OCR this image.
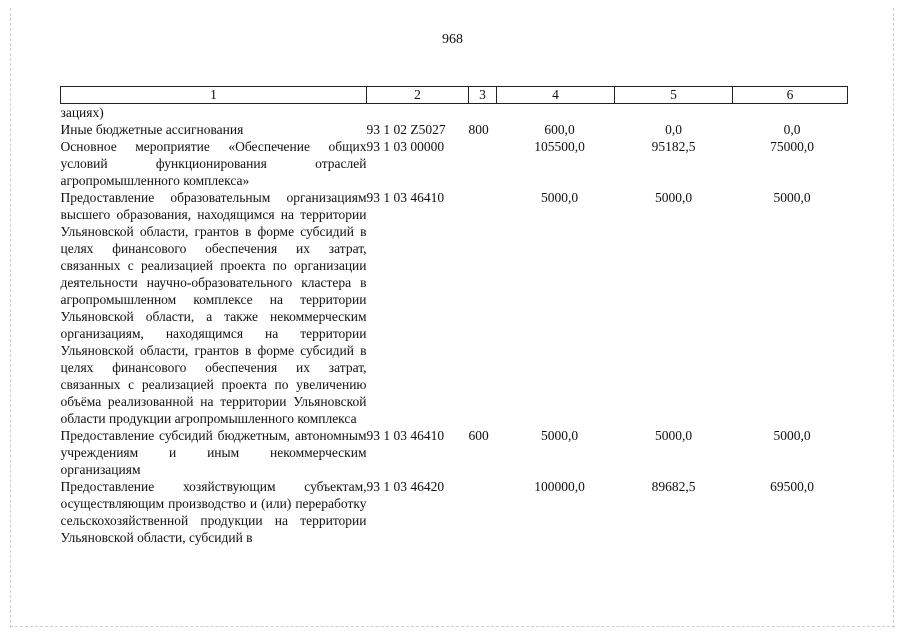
968
1	2	3	4	5	6
зациях)					
Иные бюджетные ассигнования	93 1 02 Z5027	800	600,0	0,0	0,0
Основное мероприятие «Обеспечение общих условий функционирования отраслей агропромышленного комплекса»	93 1 03 00000		105500,0	95182,5	75000,0
Предоставление образовательным организациям высшего образования, находящимся на территории Ульяновской области, грантов в форме субсидий в целях финансового обеспечения их затрат, связанных с реализацией проекта по организации деятельности научно-образовательного кластера в агропромышленном комплексе на территории Ульяновской области, а также некоммерческим организациям, находящимся на территории Ульяновской области, грантов в форме субсидий в целях финансового обеспечения их затрат, связанных с реализацией проекта по увеличению объёма реализованной на территории Ульяновской области продукции агропромышленного комплекса	93 1 03 46410		5000,0	5000,0	5000,0
Предоставление субсидий бюджетным, автономным учреждениям и иным некоммерческим организациям	93 1 03 46410	600	5000,0	5000,0	5000,0
Предоставление хозяйствующим субъектам, осуществляющим производство и (или) переработку сельскохозяйственной продукции на территории Ульяновской области, субсидий в	93 1 03 46420		100000,0	89682,5	69500,0
